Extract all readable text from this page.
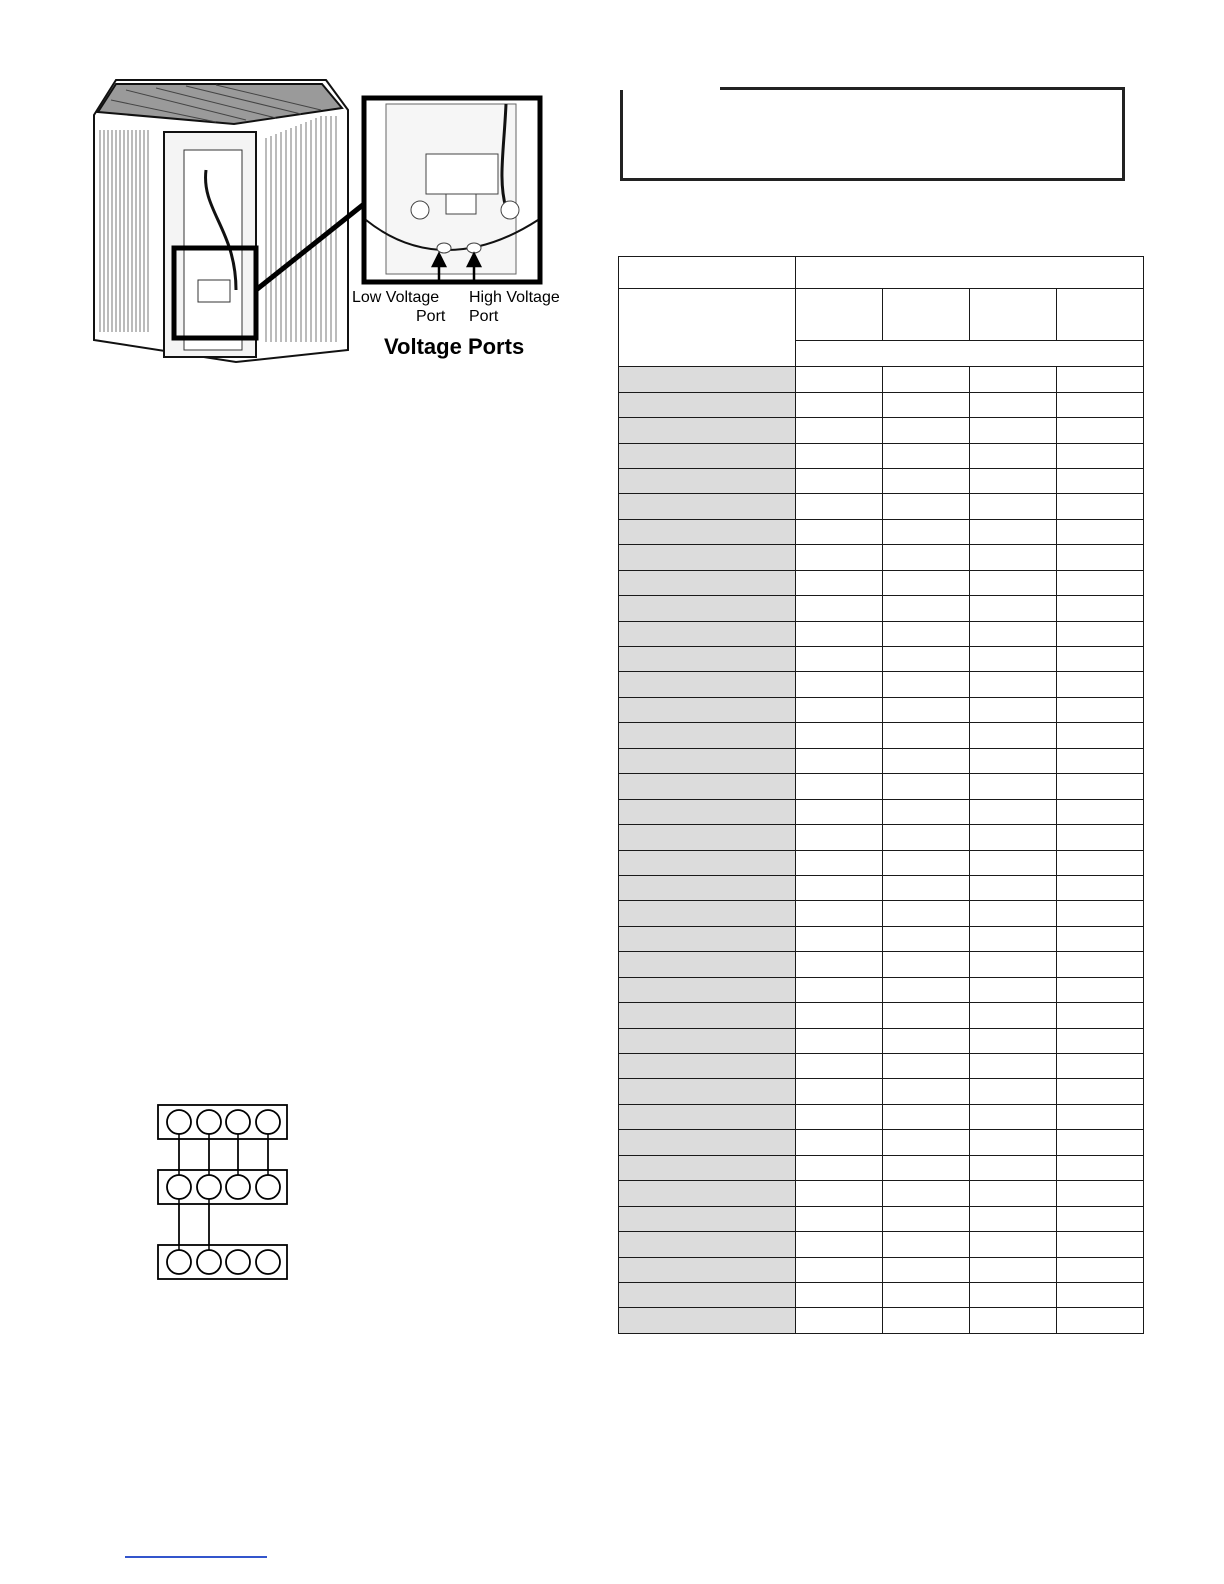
Low Voltage
Port
High Voltage
Port
Voltage Ports
